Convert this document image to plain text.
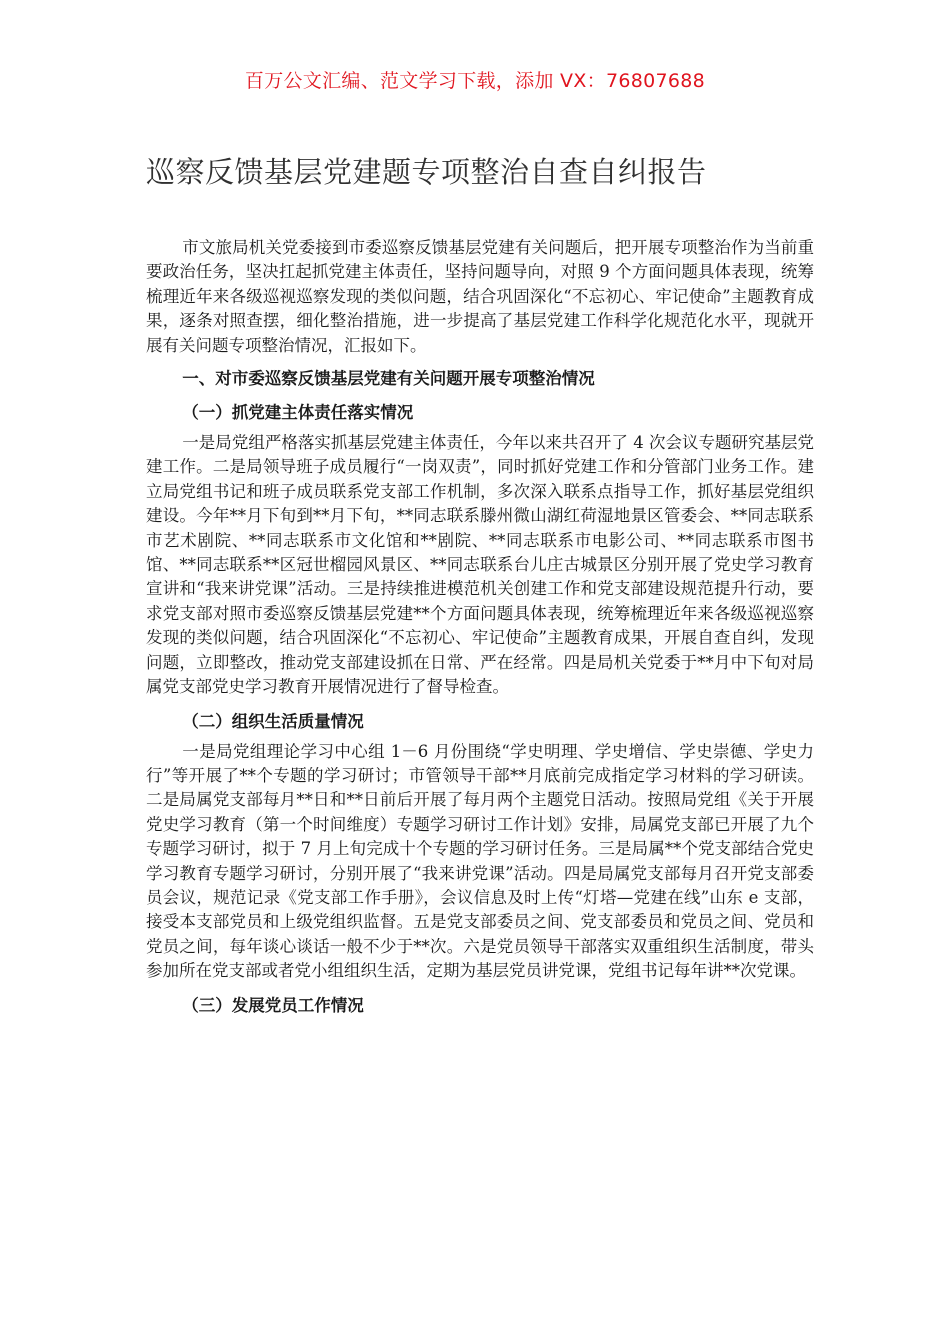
百万公文汇编、范文学习下载，添加 VX：76807688
巡察反馈基层党建题专项整治自查自纠报告

市文旅局机关党委接到市委巡察反馈基层党建有关问题后，把开展专项整治作为当前重要政治任务，坚决扛起抓党建主体责任，坚持问题导向，对照 9 个方面问题具体表现，统筹梳理近年来各级巡视巡察发现的类似问题，结合巩固深化“不忘初心、牢记使命”主题教育成果，逐条对照查摆，细化整治措施，进一步提高了基层党建工作科学化规范化水平，现就开展有关问题专项整治情况，汇报如下。

一、对市委巡察反馈基层党建有关问题开展专项整治情况

（一）抓党建主体责任落实情况

一是局党组严格落实抓基层党建主体责任，今年以来共召开了 4 次会议专题研究基层党建工作。二是局领导班子成员履行“一岗双责”，同时抓好党建工作和分管部门业务工作。建立局党组书记和班子成员联系党支部工作机制，多次深入联系点指导工作，抓好基层党组织建设。今年**月下旬到**月下旬，**同志联系滕州微山湖红荷湿地景区管委会、**同志联系市艺术剧院、**同志联系市文化馆和**剧院、**同志联系市电影公司、**同志联系市图书馆、**同志联系**区冠世榴园风景区、**同志联系台儿庄古城景区分别开展了党史学习教育宣讲和“我来讲党课”活动。三是持续推进模范机关创建工作和党支部建设规范提升行动，要求党支部对照市委巡察反馈基层党建**个方面问题具体表现，统筹梳理近年来各级巡视巡察发现的类似问题，结合巩固深化“不忘初心、牢记使命”主题教育成果，开展自查自纠，发现问题，立即整改，推动党支部建设抓在日常、严在经常。四是局机关党委于**月中下旬对局属党支部党史学习教育开展情况进行了督导检查。

（二）组织生活质量情况

一是局党组理论学习中心组 1－6 月份围绕“学史明理、学史增信、学史崇德、学史力行”等开展了**个专题的学习研讨；市管领导干部**月底前完成指定学习材料的学习研读。二是局属党支部每月**日和**日前后开展了每月两个主题党日活动。按照局党组《关于开展党史学习教育（第一个时间维度）专题学习研讨工作计划》安排，局属党支部已开展了九个专题学习研讨，拟于 7 月上旬完成十个专题的学习研讨任务。三是局属**个党支部结合党史学习教育专题学习研讨，分别开展了“我来讲党课”活动。四是局属党支部每月召开党支部委员会议，规范记录《党支部工作手册》，会议信息及时上传“灯塔—党建在线”山东 e 支部，接受本支部党员和上级党组织监督。五是党支部委员之间、党支部委员和党员之间、党员和党员之间，每年谈心谈话一般不少于**次。六是党员领导干部落实双重组织生活制度，带头参加所在党支部或者党小组组织生活，定期为基层党员讲党课，党组书记每年讲**次党课。

（三）发展党员工作情况
